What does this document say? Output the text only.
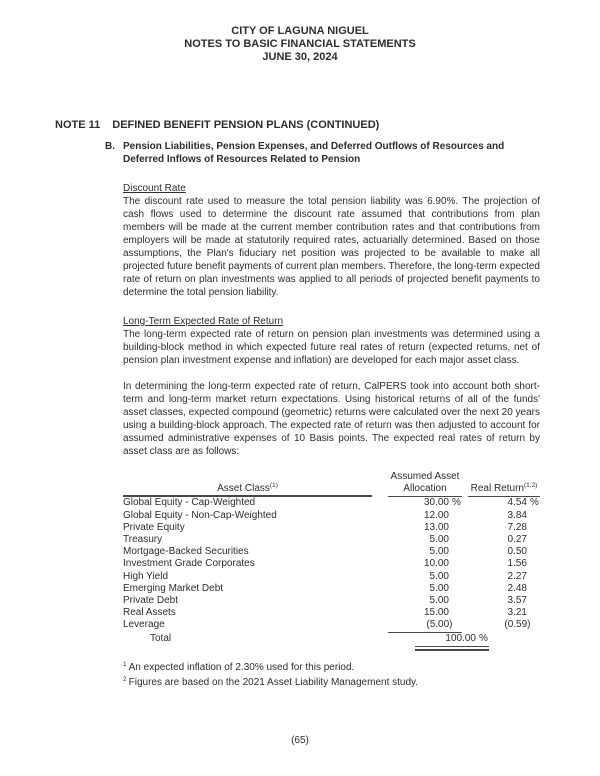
CITY OF LAGUNA NIGUEL
NOTES TO BASIC FINANCIAL STATEMENTS
JUNE 30, 2024
NOTE 11 DEFINED BENEFIT PENSION PLANS (CONTINUED)
B. Pension Liabilities, Pension Expenses, and Deferred Outflows of Resources and Deferred Inflows of Resources Related to Pension
Discount Rate

The discount rate used to measure the total pension liability was 6.90%. The projection of cash flows used to determine the discount rate assumed that contributions from plan members will be made at the current member contribution rates and that contributions from employers will be made at statutorily required rates, actuarially determined. Based on those assumptions, the Plan's fiduciary net position was projected to be available to make all projected future benefit payments of current plan members. Therefore, the long-term expected rate of return on plan investments was applied to all periods of projected benefit payments to determine the total pension liability.

Long-Term Expected Rate of Return

The long-term expected rate of return on pension plan investments was determined using a building-block method in which expected future real rates of return (expected returns, net of pension plan investment expense and inflation) are developed for each major asset class.

In determining the long-term expected rate of return, CalPERS took into account both short-term and long-term market return expectations. Using historical returns of all of the funds' asset classes, expected compound (geometric) returns were calculated over the next 20 years using a building-block approach. The expected rate of return was then adjusted to account for assumed administrative expenses of 10 Basis points. The expected real rates of return by asset class are as follows:

Assumed Asset
Asset Class$^{(1)}$	Allocation	Real Return$^{(1,2)}$
Global Equity - Cap-Weighted	30.00 %	4.54 %
Global Equity - Non-Cap-Weighted	12.00	3.84
Private Equity	13.00	7.28
Treasury	5.00	0.27
Mortgage-Backed Securities	5.00	0.50
Investment Grade Corporates	10.00	1.56
High Yield	5.00	2.27
Emerging Market Debt	5.00	2.48
Private Debt	5.00	3.57
Real Assets	15.00	3.21
Leverage	(5.00)	(0.59)
Total	100.00 %
$^1$ An expected inflation of 2.30% used for this period.
$^2$ Figures are based on the 2021 Asset Liability Management study.
(65)
